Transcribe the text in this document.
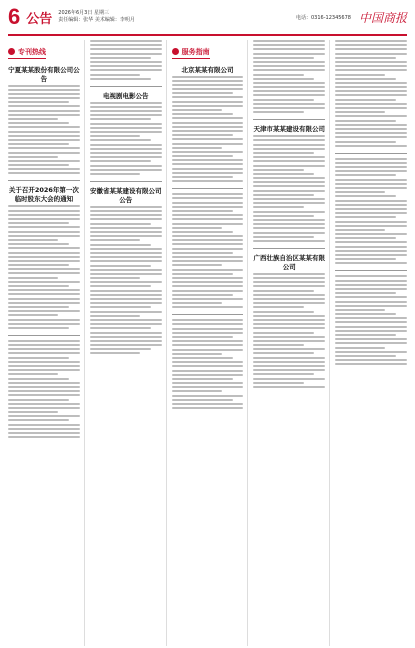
6 公告 2026年6月3日 星期三
责任编辑：张华 美术编辑：李明月	电话：0316-12345678 中国商报
专刊热线
宁夏某某股份有限公司公告
关于召开2026年第一次临时股东大会的通知
电视剧电影公告
安徽省某某建设有限公司公告
服务指南
北京某某有限公司
天津市某某建设有限公司
广西壮族自治区某某有限公司
